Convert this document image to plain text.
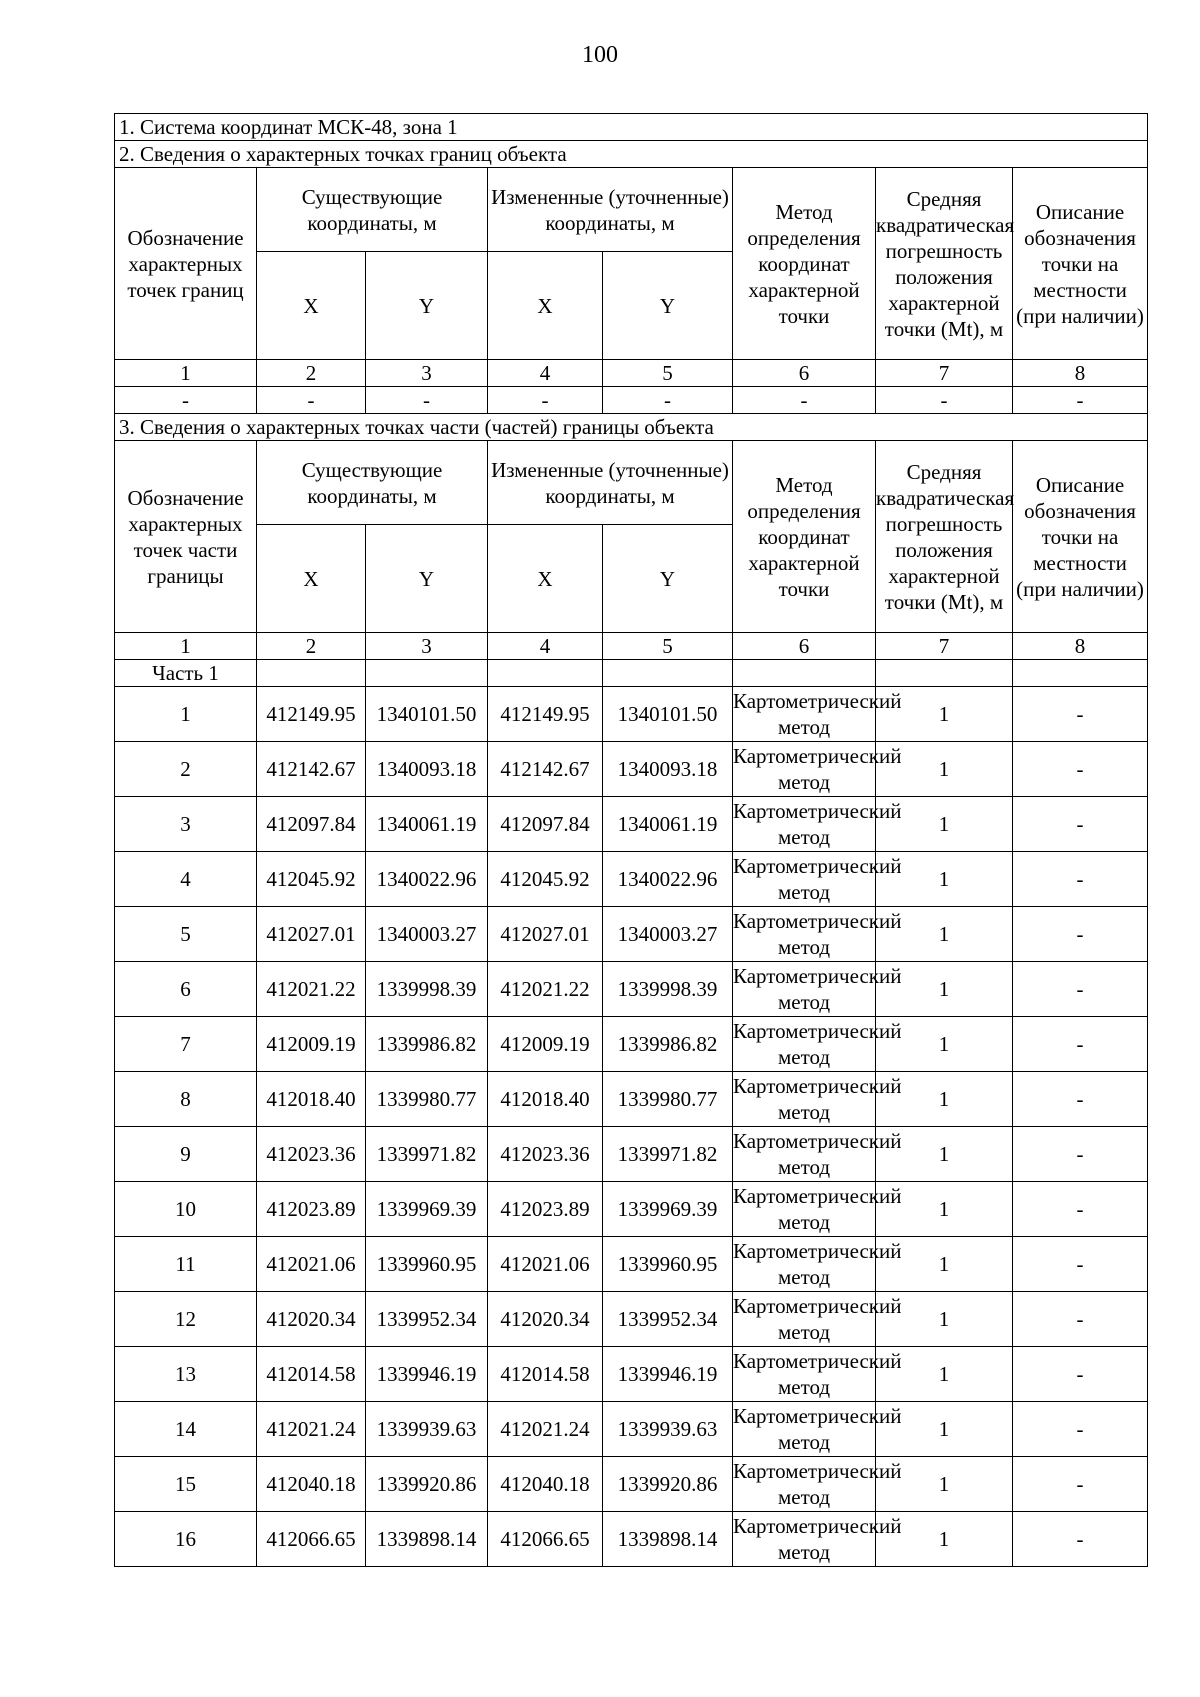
100
1. Система координат МСК-48, зона 1							
2. Сведения о характерных точках границ объекта							
Обозначение характерных точек границ	Существующие координаты, м		Измененные (уточненные) координаты, м		Метод определения координат характерной точки	Средняя квадратическая погрешность положения характерной точки (Mt), м	Описание обозначения точки на местности (при наличии)
	X	Y	X	Y			
1	2	3	4	5	6	7	8
-	-	-	-	-	-	-	-
3. Сведения о характерных точках части (частей) границы объекта							
Обозначение характерных точек части границы	Существующие координаты, м		Измененные (уточненные) координаты, м		Метод определения координат характерной точки	Средняя квадратическая погрешность положения характерной точки (Mt), м	Описание обозначения точки на местности (при наличии)
	X	Y	X	Y			
1	2	3	4	5	6	7	8
Часть 1							
1	412149.95	1340101.50	412149.95	1340101.50	Картометрический метод	1	-
2	412142.67	1340093.18	412142.67	1340093.18	Картометрический метод	1	-
3	412097.84	1340061.19	412097.84	1340061.19	Картометрический метод	1	-
4	412045.92	1340022.96	412045.92	1340022.96	Картометрический метод	1	-
5	412027.01	1340003.27	412027.01	1340003.27	Картометрический метод	1	-
6	412021.22	1339998.39	412021.22	1339998.39	Картометрический метод	1	-
7	412009.19	1339986.82	412009.19	1339986.82	Картометрический метод	1	-
8	412018.40	1339980.77	412018.40	1339980.77	Картометрический метод	1	-
9	412023.36	1339971.82	412023.36	1339971.82	Картометрический метод	1	-
10	412023.89	1339969.39	412023.89	1339969.39	Картометрический метод	1	-
11	412021.06	1339960.95	412021.06	1339960.95	Картометрический метод	1	-
12	412020.34	1339952.34	412020.34	1339952.34	Картометрический метод	1	-
13	412014.58	1339946.19	412014.58	1339946.19	Картометрический метод	1	-
14	412021.24	1339939.63	412021.24	1339939.63	Картометрический метод	1	-
15	412040.18	1339920.86	412040.18	1339920.86	Картометрический метод	1	-
16	412066.65	1339898.14	412066.65	1339898.14	Картометрический метод	1	-
